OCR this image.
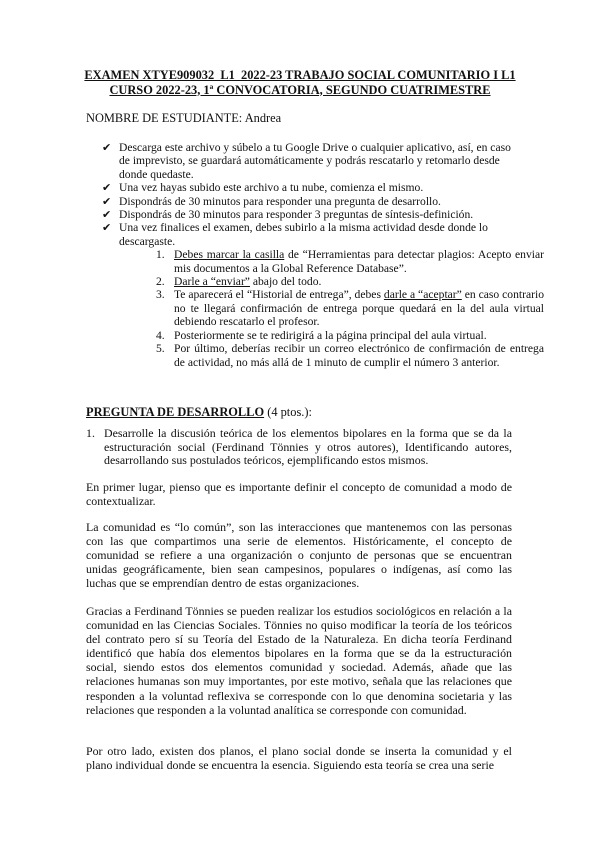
EXAMEN XTYE909032_L1_2022-23 TRABAJO SOCIAL COMUNITARIO I L1
CURSO 2022-23, 1ª CONVOCATORIA, SEGUNDO CUATRIMESTRE
NOMBRE DE ESTUDIANTE: Andrea
✔ Descarga este archivo y súbelo a tu Google Drive o cualquier aplicativo, así, en caso de imprevisto, se guardará automáticamente y podrás rescatarlo y retomarlo desde donde quedaste.
✔ Una vez hayas subido este archivo a tu nube, comienza el mismo.
✔ Dispondrás de 30 minutos para responder una pregunta de desarrollo.
✔ Dispondrás de 30 minutos para responder 3 preguntas de síntesis-definición.
✔ Una vez finalices el examen, debes subirlo a la misma actividad desde donde lo descargaste.
1. Debes marcar la casilla de “Herramientas para detectar plagios: Acepto enviar mis documentos a la Global Reference Database”.
2. Darle a “enviar” abajo del todo.
3. Te aparecerá el “Historial de entrega”, debes darle a “aceptar” en caso contrario no te llegará confirmación de entrega porque quedará en la del aula virtual debiendo rescatarlo el profesor.
4. Posteriormente se te redirigirá a la página principal del aula virtual.
5. Por último, deberías recibir un correo electrónico de confirmación de entrega de actividad, no más allá de 1 minuto de cumplir el número 3 anterior.
PREGUNTA DE DESARROLLO (4 ptos.):
1. Desarrolle la discusión teórica de los elementos bipolares en la forma que se da la estructuración social (Ferdinand Tönnies y otros autores), Identificando autores, desarrollando sus postulados teóricos, ejemplificando estos mismos.

En primer lugar, pienso que es importante definir el concepto de comunidad a modo de contextualizar.

La comunidad es “lo común”, son las interacciones que mantenemos con las personas con las que compartimos una serie de elementos. Históricamente, el concepto de comunidad se refiere a una organización o conjunto de personas que se encuentran unidas geográficamente, bien sean campesinos, populares o indígenas, así como las luchas que se emprendían dentro de estas organizaciones.

Gracias a Ferdinand Tönnies se pueden realizar los estudios sociológicos en relación a la comunidad en las Ciencias Sociales. Tönnies no quiso modificar la teoría de los teóricos del contrato pero sí su Teoría del Estado de la Naturaleza. En dicha teoría Ferdinand identificó que había dos elementos bipolares en la forma que se da la estructuración social, siendo estos dos elementos comunidad y sociedad. Además, añade que las relaciones humanas son muy importantes, por este motivo, señala que las relaciones que responden a la voluntad reflexiva se corresponde con lo que denomina societaria y las relaciones que responden a la voluntad analítica se corresponde con comunidad.

Por otro lado, existen dos planos, el plano social donde se inserta la comunidad y el plano individual donde se encuentra la esencia. Siguiendo esta teoría se crea una serie
